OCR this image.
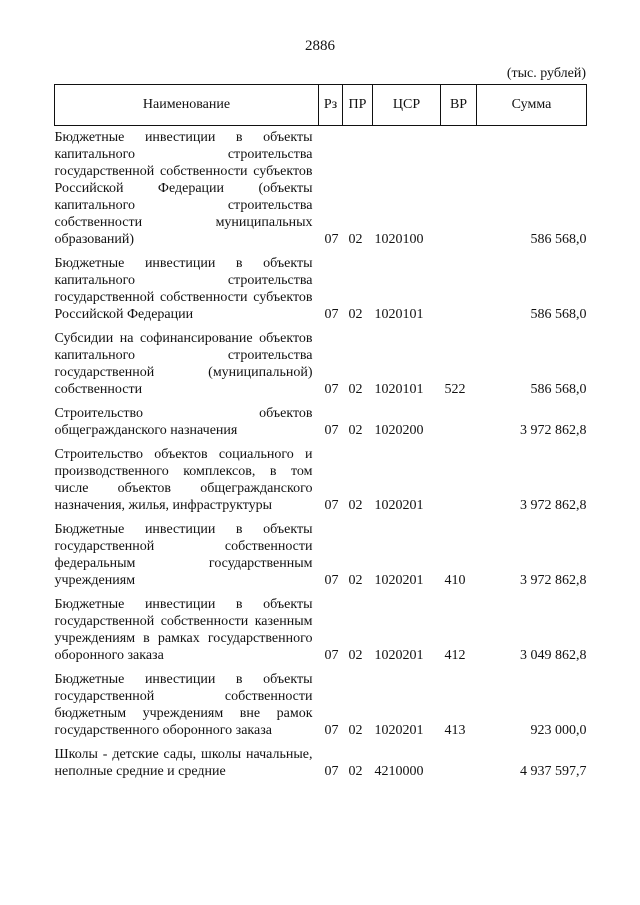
2886
(тыс. рублей)
Наименование	Рз	ПР	ЦСР	ВР	Сумма
Бюджетные инвестиции в объекты капитального строительства государственной собственности субъектов Российской Федерации (объекты капитального строительства собственности муниципальных образований)	07	02	1020100		586 568,0
Бюджетные инвестиции в объекты капитального строительства государственной собственности субъектов Российской Федерации	07	02	1020101		586 568,0
Субсидии на софинансирование объектов капитального строительства государственной (муниципальной) собственности	07	02	1020101	522	586 568,0
Строительство объектов общегражданского назначения	07	02	1020200		3 972 862,8
Строительство объектов социального и производственного комплексов, в том числе объектов общегражданского назначения, жилья, инфраструктуры	07	02	1020201		3 972 862,8
Бюджетные инвестиции в объекты государственной собственности федеральным государственным учреждениям	07	02	1020201	410	3 972 862,8
Бюджетные инвестиции в объекты государственной собственности казенным учреждениям в рамках государственного оборонного заказа	07	02	1020201	412	3 049 862,8
Бюджетные инвестиции в объекты государственной собственности бюджетным учреждениям вне рамок государственного оборонного заказа	07	02	1020201	413	923 000,0
Школы - детские сады, школы начальные, неполные средние и средние	07	02	4210000		4 937 597,7
